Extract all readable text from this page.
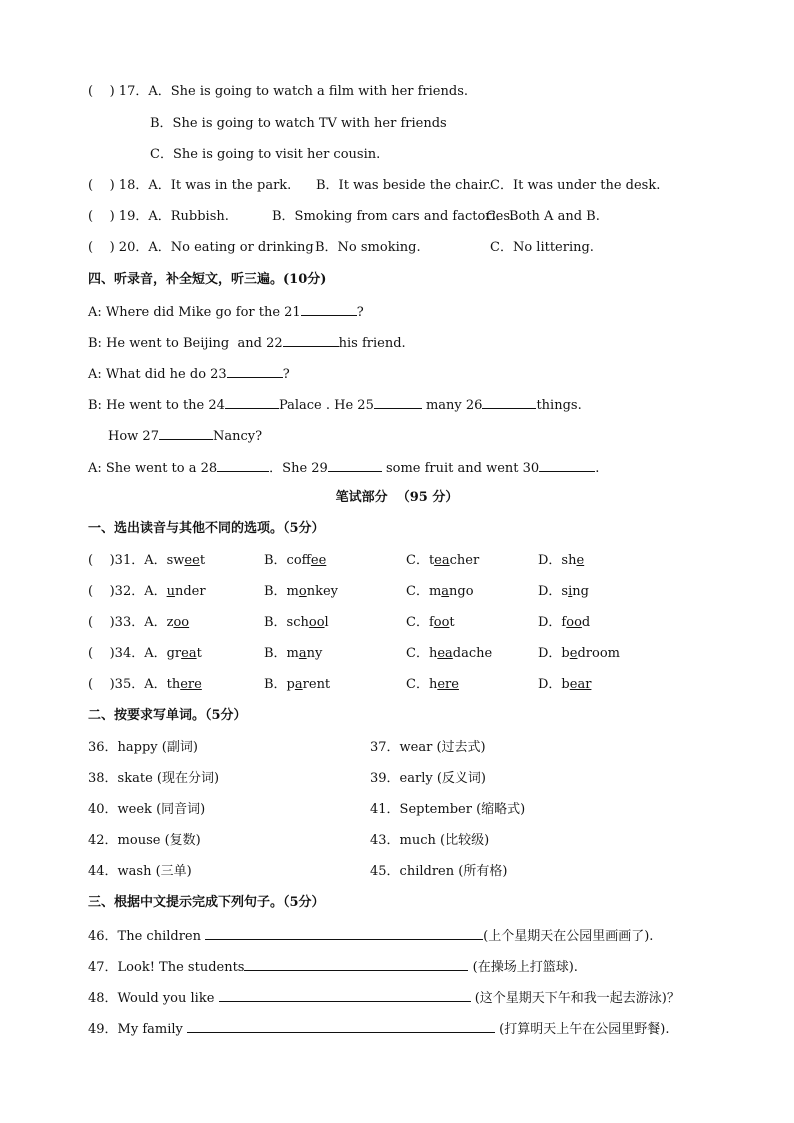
(    ) 17．A．She is going to watch a film with her friends.
B．She is going to watch TV with her friends
C．She is going to visit her cousin.
(    ) 18．A．It was in the park. B．It was beside the chair.
C．It was under the desk.
(    ) 19．A．Rubbish.	B．Smoking from cars and factories.
C．Both A and B.
(    ) 20．A．No eating or drinking B．No smoking.	C．No littering.
四、听录音，补全短文，听三遍。(10分)
A: Where did Mike go for the 21	?
B: He went to Beijing  and 22	his friend.
A: What did he do 23	?
B: He went to the 24	Palace . He 25	many 26	things.
How 27	Nancy?
A: She went to a 28	．She 29	some fruit and went 30	.
笔试部分  （95 分）
一、选出读音与其他不同的选项。（5分）
(    )31．A．sweet	B．coffee	C．teacher	D．she
(    )32．A．under	B．monkey	C．mango	D．sing
(    )33．A．zoo	B．school	C．foot	D．food
(    )34．A．great	B．many	C．headache	D．bedroom
(    )35．A．there	B．parent	C．here	D．bear
二、按要求写单词。（5分）
36．happy (副词)	37．wear (过去式)
38．skate (现在分词)	39．early (反义词)
40．week (同音词)	41．September (缩略式)
42．mouse (复数)	43．much (比较级)
44．wash (三单)	45．children (所有格)
三、根据中文提示完成下列句子。（5分）
46．The children	(上个星期天在公园里画画了).
47．Look! The students	(在操场上打篮球).
48．Would you like	(这个星期天下午和我一起去游泳)？
49．My family	(打算明天上午在公园里野餐).
